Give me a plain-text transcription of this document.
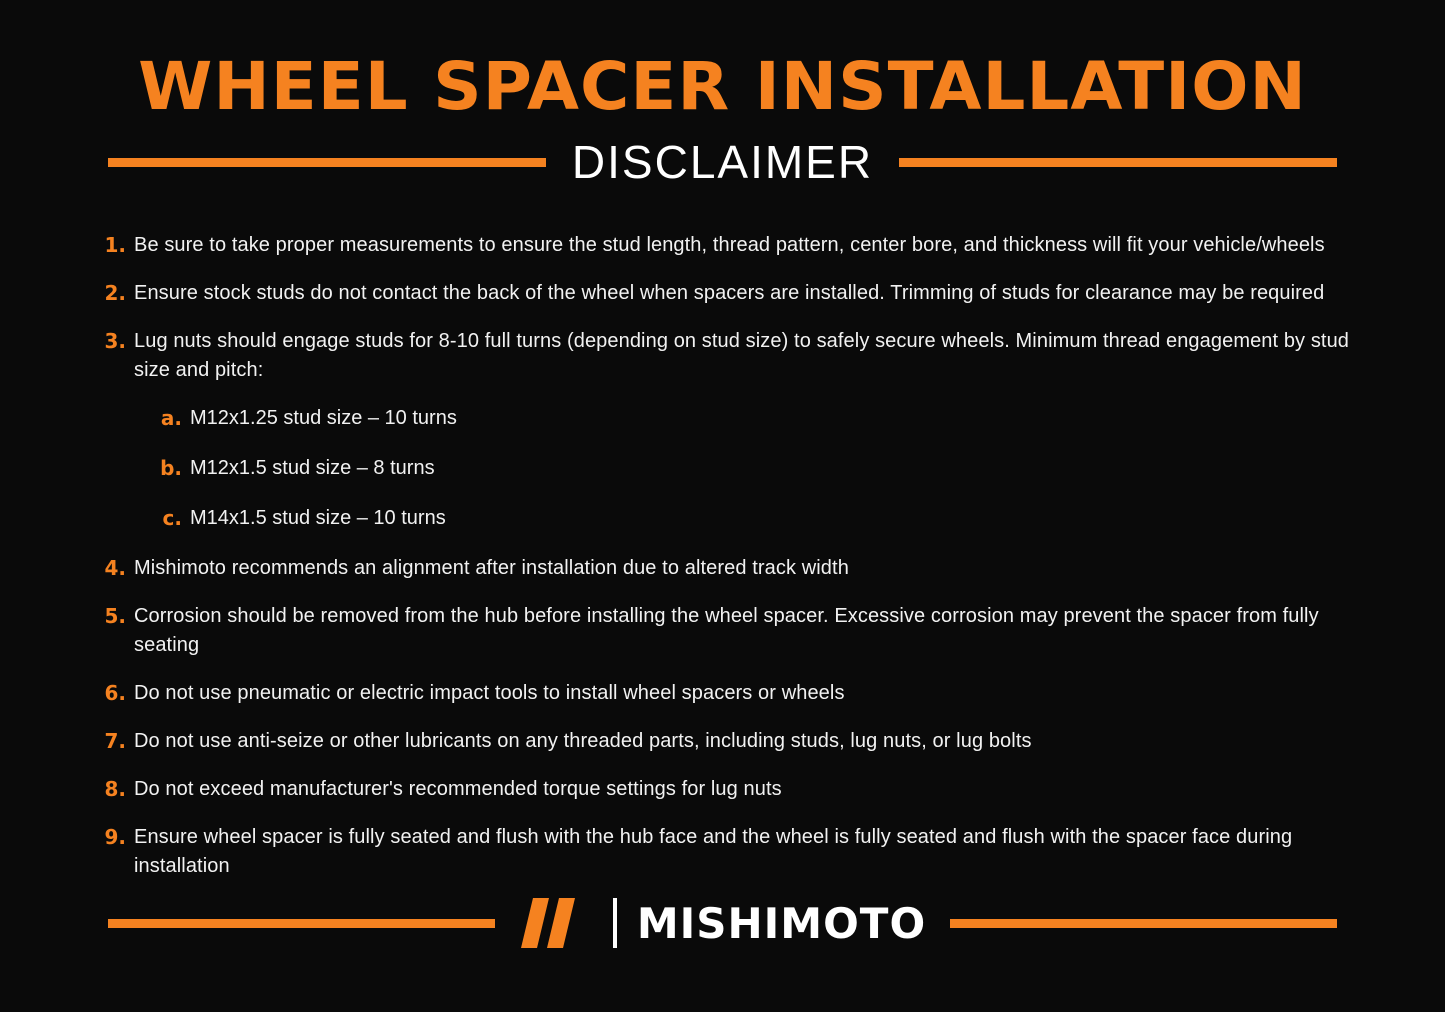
WHEEL SPACER INSTALLATION
DISCLAIMER
1. Be sure to take proper measurements to ensure the stud length, thread pattern, center bore, and thickness will fit your vehicle/wheels
2. Ensure stock studs do not contact the back of the wheel when spacers are installed. Trimming of studs for clearance may be required
3. Lug nuts should engage studs for 8-10 full turns (depending on stud size) to safely secure wheels. Minimum thread engagement by stud size and pitch:
a. M12x1.25 stud size – 10 turns
b. M12x1.5 stud size – 8 turns
c. M14x1.5 stud size – 10 turns
4. Mishimoto recommends an alignment after installation due to altered track width
5. Corrosion should be removed from the hub before installing the wheel spacer. Excessive corrosion may prevent the spacer from fully seating
6. Do not use pneumatic or electric impact tools to install wheel spacers or wheels
7. Do not use anti-seize or other lubricants on any threaded parts, including studs, lug nuts, or lug bolts
8. Do not exceed manufacturer's recommended torque settings for lug nuts
9. Ensure wheel spacer is fully seated and flush with the hub face and the wheel is fully seated and flush with the spacer face during installation
MISHIMOTO
